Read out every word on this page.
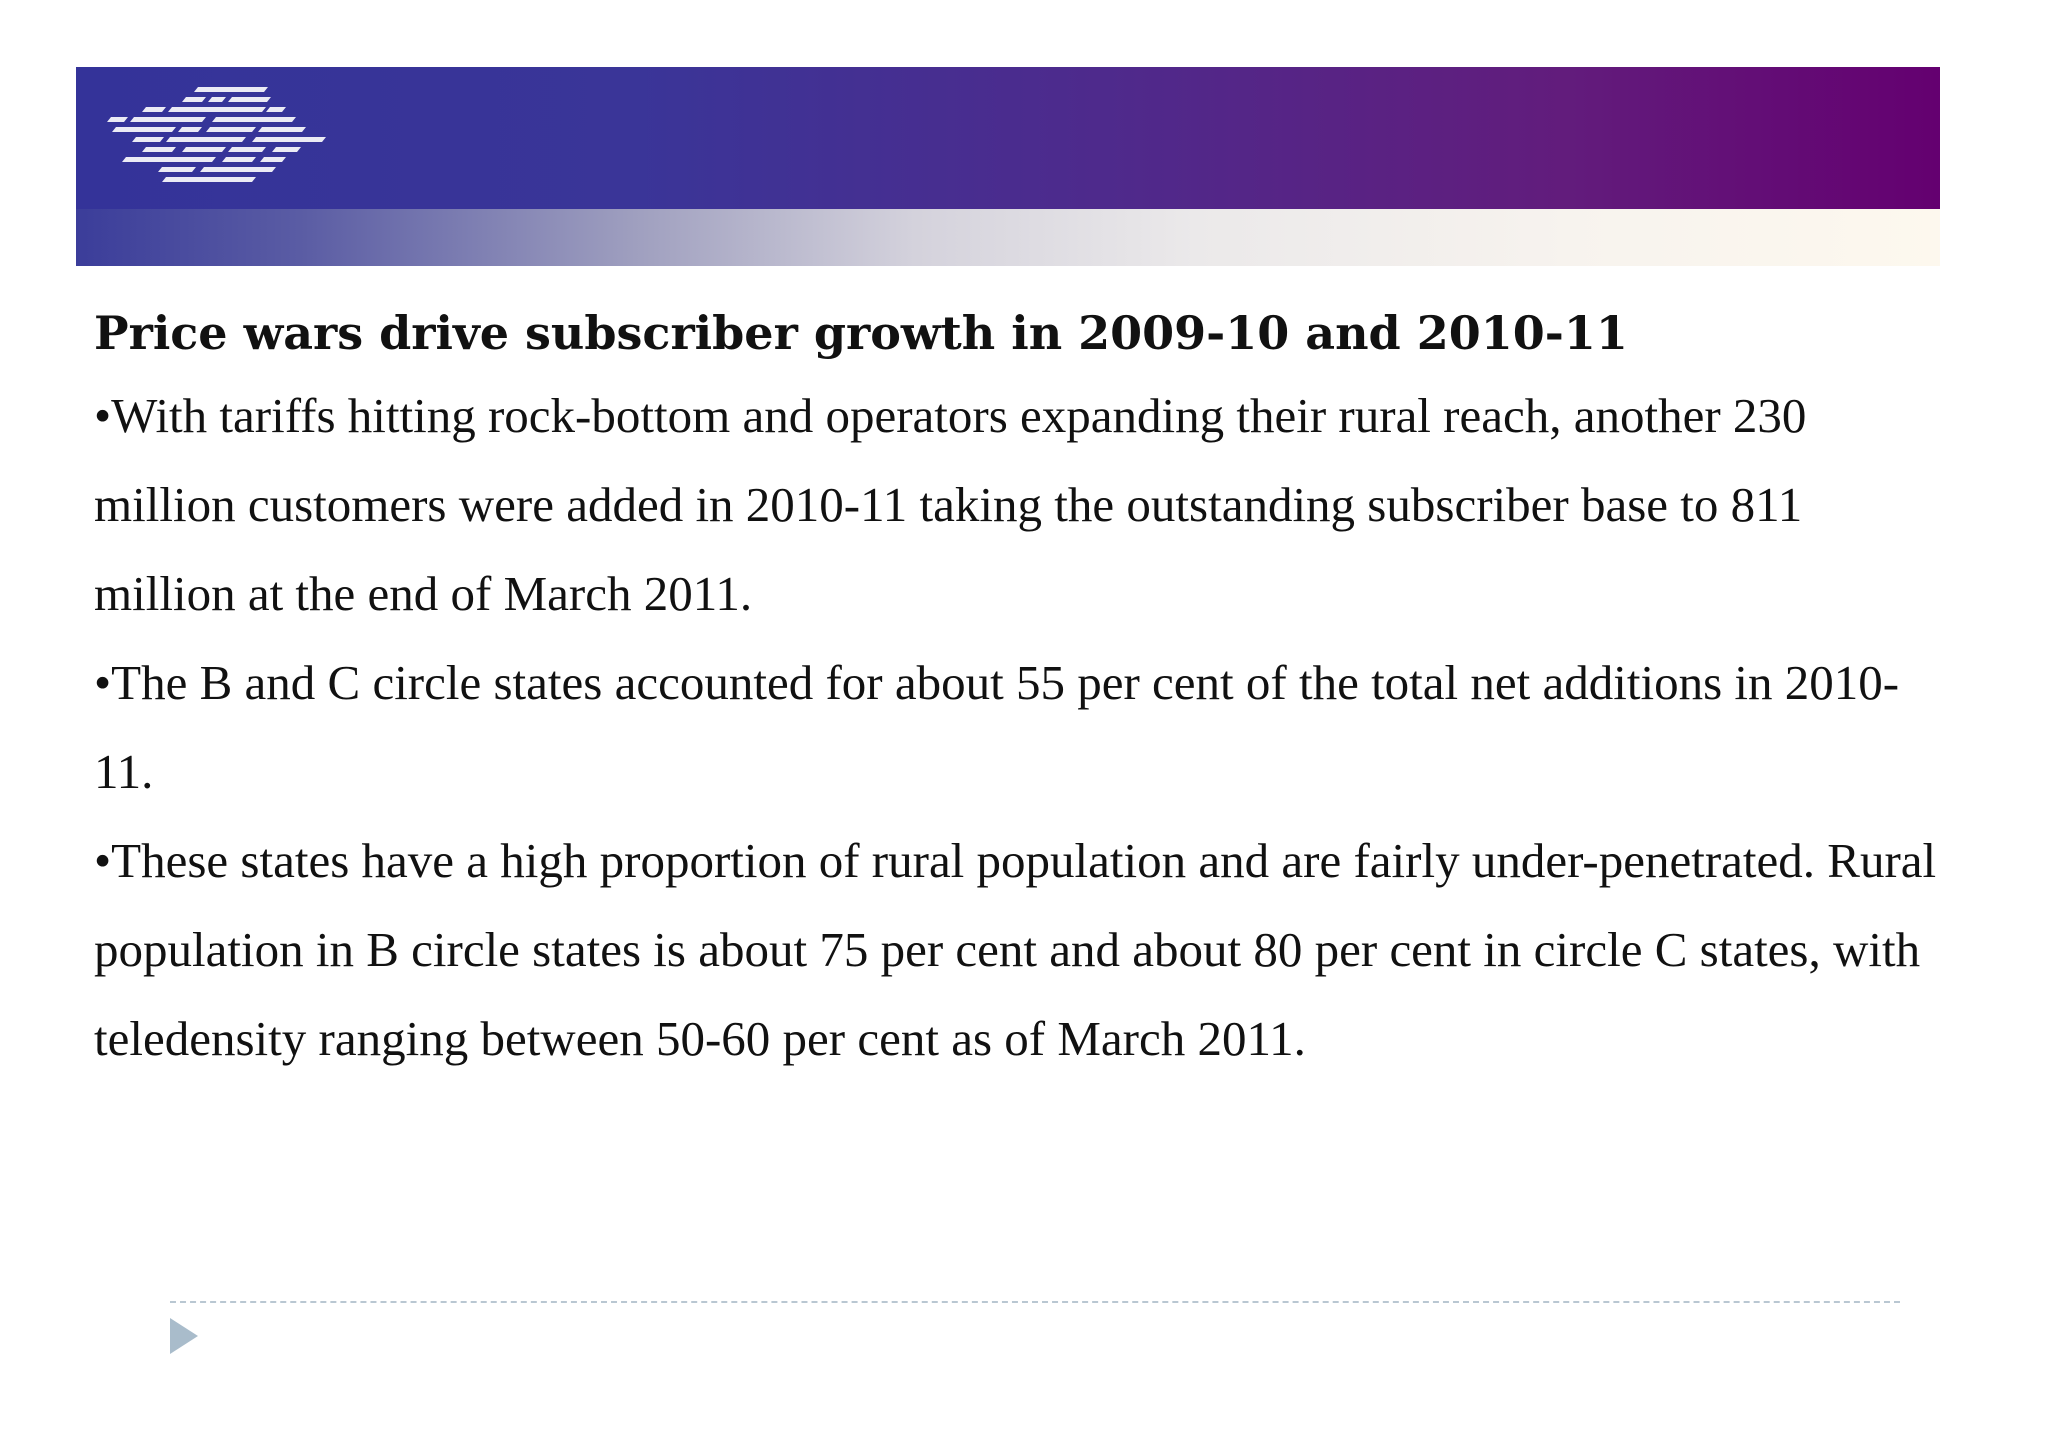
Price wars drive subscriber growth in 2009-10 and 2010-11

•With tariffs hitting rock-bottom and operators expanding their rural reach, another 230 million customers were added in 2010-11 taking the outstanding subscriber base to 811 million at the end of March 2011.

•The B and C circle states accounted for about 55 per cent of the total net additions in 2010-11.

•These states have a high proportion of rural population and are fairly under-penetrated. Rural population in B circle states is about 75 per cent and about 80 per cent in circle C states, with teledensity ranging between 50-60 per cent as of March 2011.
